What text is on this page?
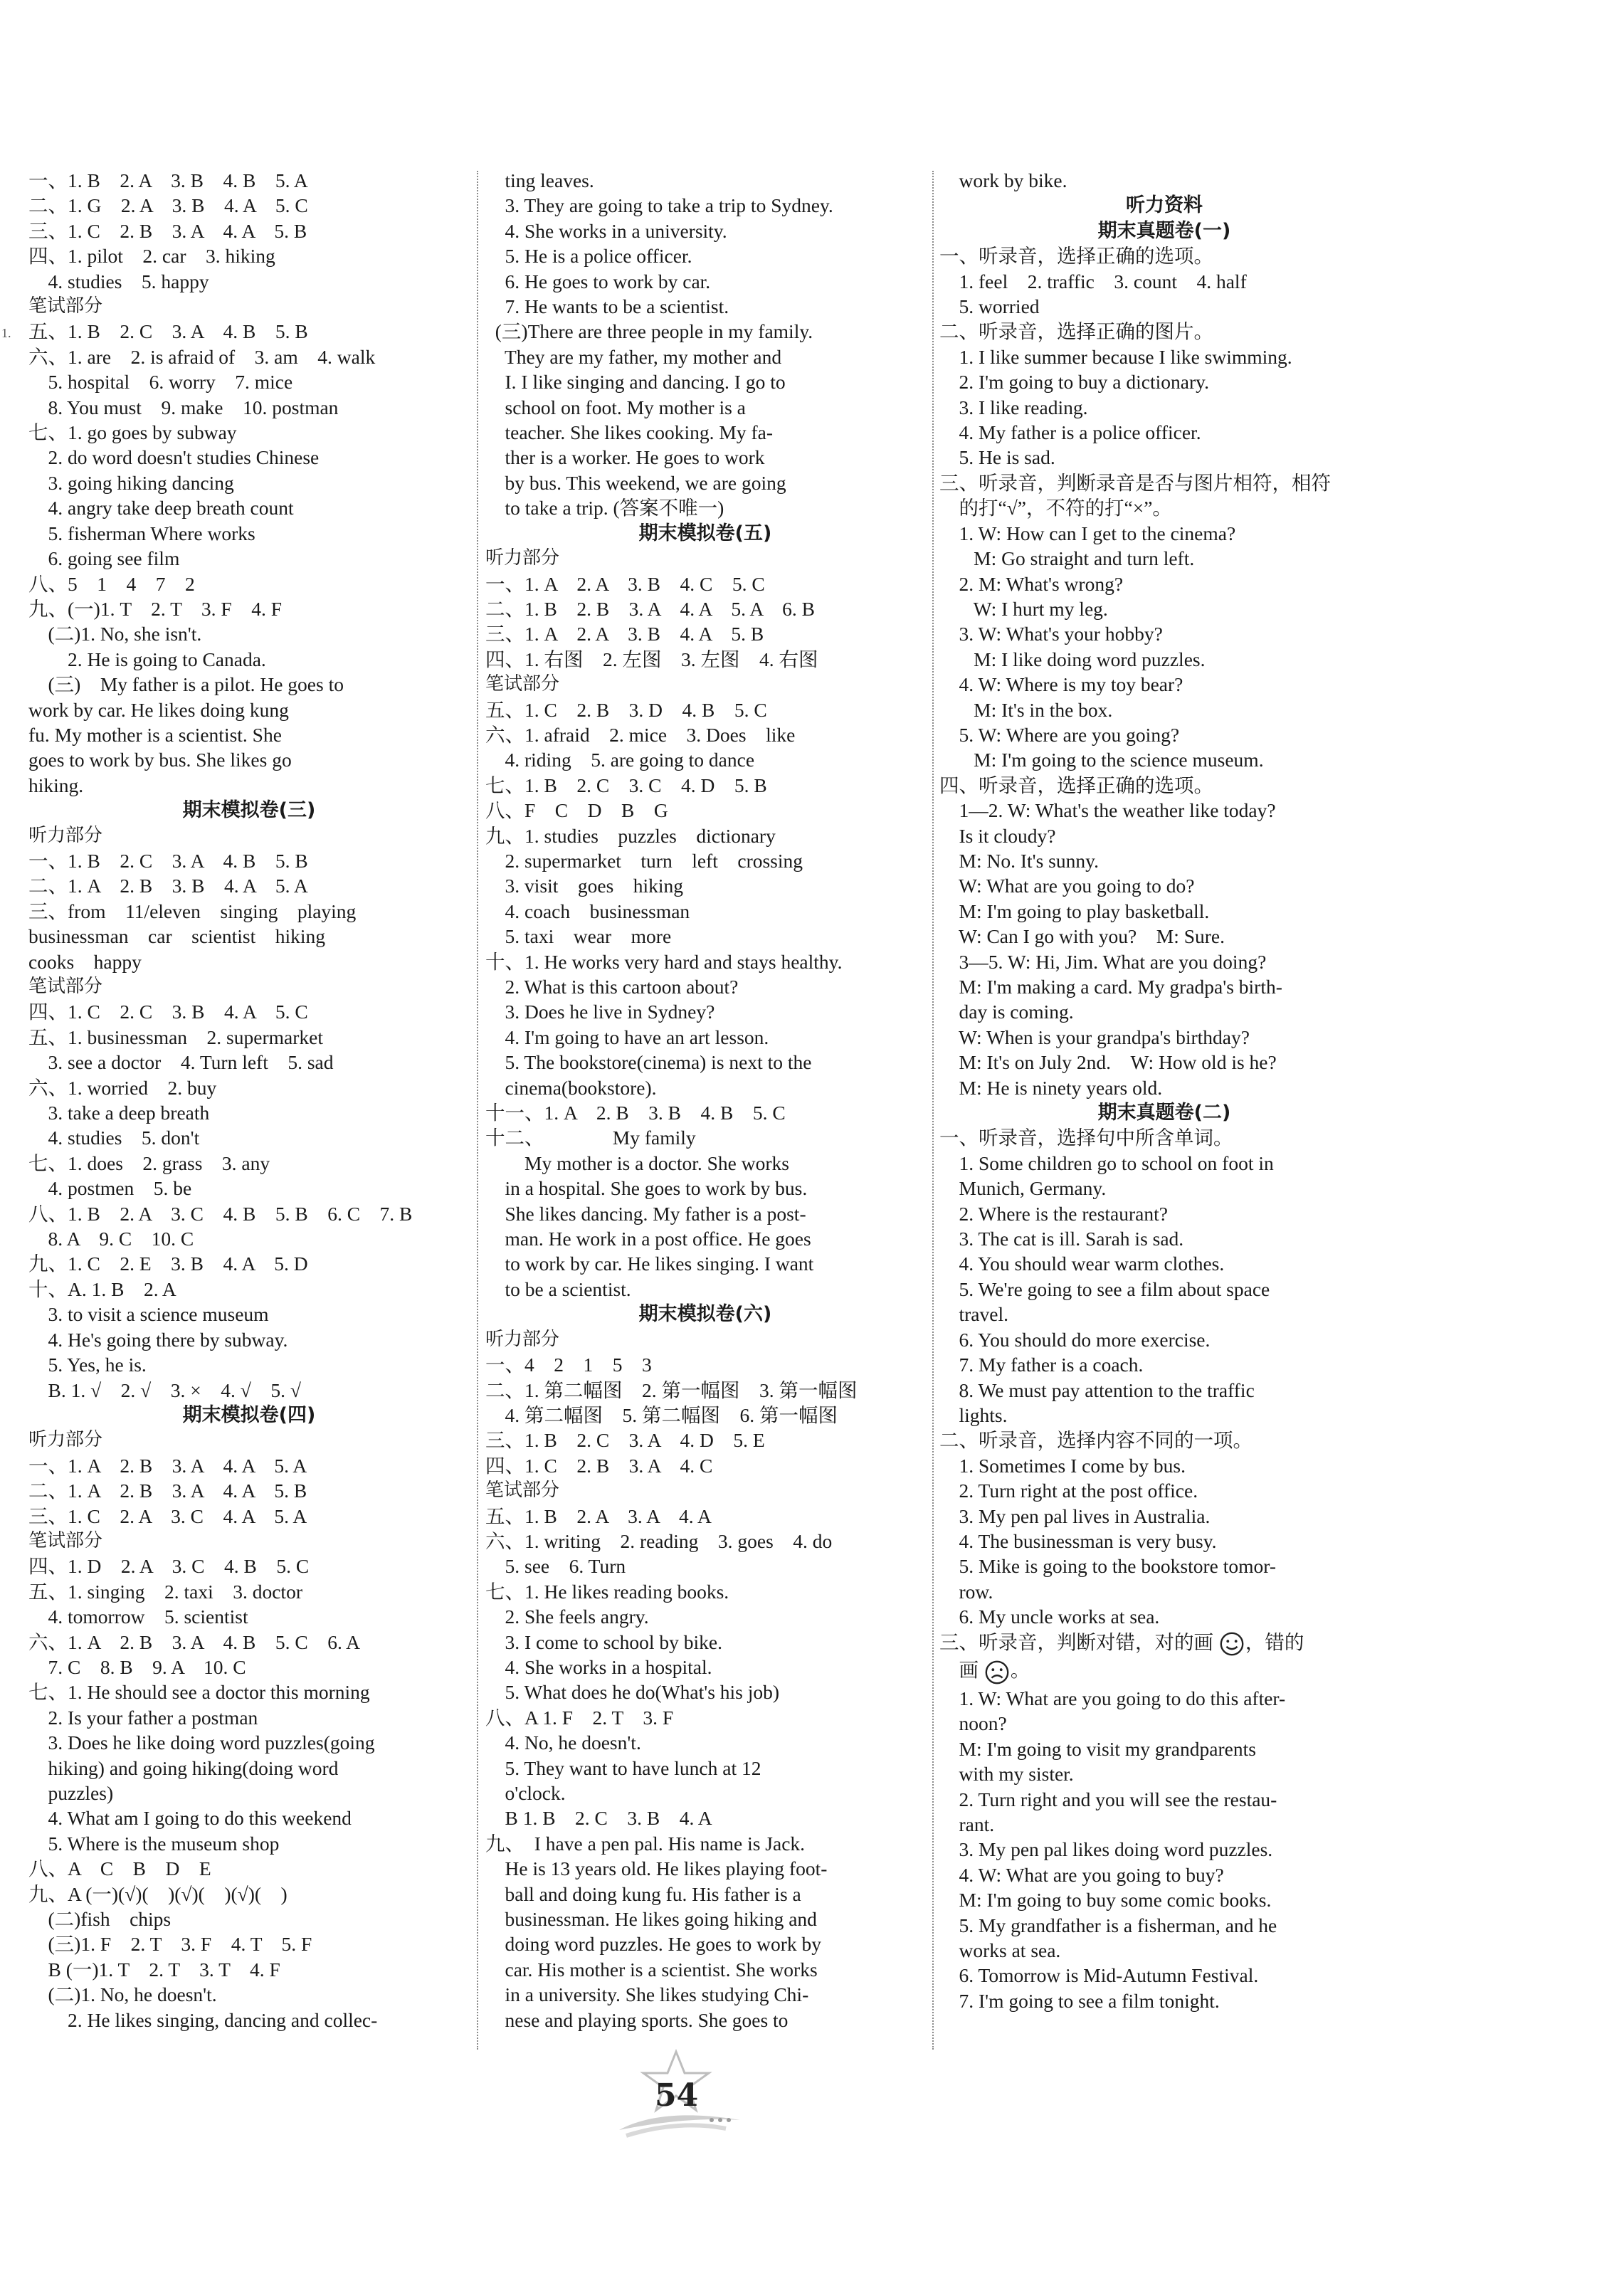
1.
一、1. B　2. A　3. B　4. B　5. A
二、1. G　2. A　3. B　4. A　5. C
三、1. C　2. B　3. A　4. A　5. B
四、1. pilot　2. car　3. hiking
4. studies　5. happy
笔试部分
五、1. B　2. C　3. A　4. B　5. B
六、1. are　2. is afraid of　3. am　4. walk
5. hospital　6. worry　7. mice
8. You must　9. make　10. postman
七、1. go goes by subway
2. do word doesn't studies Chinese
3. going hiking dancing
4. angry take deep breath count
5. fisherman Where works
6. going see film
八、5　1　4　7　2
九、(一)1. T　2. T　3. F　4. F
(二)1. No, she isn't.
2. He is going to Canada.
(三)　My father is a pilot. He goes to
work by car. He likes doing kung
fu. My mother is a scientist. She
goes to work by bus. She likes go
hiking.
期末模拟卷(三)
听力部分
一、1. B　2. C　3. A　4. B　5. B
二、1. A　2. B　3. B　4. A　5. A
三、from　11/eleven　singing　playing
businessman　car　scientist　hiking
cooks　happy
笔试部分
四、1. C　2. C　3. B　4. A　5. C
五、1. businessman　2. supermarket
3. see a doctor　4. Turn left　5. sad
六、1. worried　2. buy
3. take a deep breath
4. studies　5. don't
七、1. does　2. grass　3. any
4. postmen　5. be
八、1. B　2. A　3. C　4. B　5. B　6. C　7. B
8. A　9. C　10. C
九、1. C　2. E　3. B　4. A　5. D
十、A. 1. B　2. A
3. to visit a science museum
4. He's going there by subway.
5. Yes, he is.
B. 1. √　2. √　3. ×　4. √　5. √
期末模拟卷(四)
听力部分
一、1. A　2. B　3. A　4. A　5. A
二、1. A　2. B　3. A　4. A　5. B
三、1. C　2. A　3. C　4. A　5. A
笔试部分
四、1. D　2. A　3. C　4. B　5. C
五、1. singing　2. taxi　3. doctor
4. tomorrow　5. scientist
六、1. A　2. B　3. A　4. B　5. C　6. A
7. C　8. B　9. A　10. C
七、1. He should see a doctor this morning
2. Is your father a postman
3. Does he like doing word puzzles(going
hiking) and going hiking(doing word
puzzles)
4. What am I going to do this weekend
5. Where is the museum shop
八、A　C　B　D　E
九、A (一)(√)(　)(√)(　)(√)(　)
(二)fish　chips
(三)1. F　2. T　3. F　4. T　5. F
B (一)1. T　2. T　3. T　4. F
(二)1. No, he doesn't.
2. He likes singing, dancing and collec-
ting leaves.
3. They are going to take a trip to Sydney.
4. She works in a university.
5. He is a police officer.
6. He goes to work by car.
7. He wants to be a scientist.
(三)There are three people in my family.
They are my father, my mother and
I. I like singing and dancing. I go to
school on foot. My mother is a
teacher. She likes cooking. My fa-
ther is a worker. He goes to work
by bus. This weekend, we are going
to take a trip. (答案不唯一)
期末模拟卷(五)
听力部分
一、1. A　2. A　3. B　4. C　5. C
二、1. B　2. B　3. A　4. A　5. A　6. B
三、1. A　2. A　3. B　4. A　5. B
四、1. 右图　2. 左图　3. 左图　4. 右图
笔试部分
五、1. C　2. B　3. D　4. B　5. C
六、1. afraid　2. mice　3. Does　like
4. riding　5. are going to dance
七、1. B　2. C　3. C　4. D　5. B
八、F　C　D　B　G
九、1. studies　puzzles　dictionary
2. supermarket　turn　left　crossing
3. visit　goes　hiking
4. coach　businessman
5. taxi　wear　more
十、1. He works very hard and stays healthy.
2. What is this cartoon about?
3. Does he live in Sydney?
4. I'm going to have an art lesson.
5. The bookstore(cinema) is next to the
cinema(bookstore).
十一、1. A　2. B　3. B　4. B　5. C
十二、　　　　My family
My mother is a doctor. She works
in a hospital. She goes to work by bus.
She likes dancing. My father is a post-
man. He work in a post office. He goes
to work by car. He likes singing. I want
to be a scientist.
期末模拟卷(六)
听力部分
一、4　2　1　5　3
二、1. 第二幅图　2. 第一幅图　3. 第一幅图
4. 第二幅图　5. 第二幅图　6. 第一幅图
三、1. B　2. C　3. A　4. D　5. E
四、1. C　2. B　3. A　4. C
笔试部分
五、1. B　2. A　3. A　4. A
六、1. writing　2. reading　3. goes　4. do
5. see　6. Turn
七、1. He likes reading books.
2. She feels angry.
3. I come to school by bike.
4. She works in a hospital.
5. What does he do(What's his job)
八、A 1. F　2. T　3. F
4. No, he doesn't.
5. They want to have lunch at 12
o'clock.
B 1. B　2. C　3. B　4. A
九、　I have a pen pal. His name is Jack.
He is 13 years old. He likes playing foot-
ball and doing kung fu. His father is a
businessman. He likes going hiking and
doing word puzzles. He goes to work by
car. His mother is a scientist. She works
in a university. She likes studying Chi-
nese and playing sports. She goes to
work by bike.
听力资料
期末真题卷(一)
一、听录音，选择正确的选项。
1. feel　2. traffic　3. count　4. half
5. worried
二、听录音，选择正确的图片。
1. I like summer because I like swimming.
2. I'm going to buy a dictionary.
3. I like reading.
4. My father is a police officer.
5. He is sad.
三、听录音，判断录音是否与图片相符，相符
的打“√”，不符的打“×”。
1. W: How can I get to the cinema?
M: Go straight and turn left.
2. M: What's wrong?
W: I hurt my leg.
3. W: What's your hobby?
M: I like doing word puzzles.
4. W: Where is my toy bear?
M: It's in the box.
5. W: Where are you going?
M: I'm going to the science museum.
四、听录音，选择正确的选项。
1—2. W: What's the weather like today?
Is it cloudy?
M: No. It's sunny.
W: What are you going to do?
M: I'm going to play basketball.
W: Can I go with you?　M: Sure.
3—5. W: Hi, Jim. What are you doing?
M: I'm making a card. My gradpa's birth-
day is coming.
W: When is your grandpa's birthday?
M: It's on July 2nd.　W: How old is he?
M: He is ninety years old.
期末真题卷(二)
一、听录音，选择句中所含单词。
1. Some children go to school on foot in
Munich, Germany.
2. Where is the restaurant?
3. The cat is ill. Sarah is sad.
4. You should wear warm clothes.
5. We're going to see a film about space
travel.
6. You should do more exercise.
7. My father is a coach.
8. We must pay attention to the traffic
lights.
二、听录音，选择内容不同的一项。
1. Sometimes I come by bus.
2. Turn right at the post office.
3. My pen pal lives in Australia.
4. The businessman is very busy.
5. Mike is going to the bookstore tomor-
row.
6. My uncle works at sea.
三、听录音，判断对错，对的画 ，错的
画 。
1. W: What are you going to do this after-
noon?
M: I'm going to visit my grandparents
with my sister.
2. Turn right and you will see the restau-
rant.
3. My pen pal likes doing word puzzles.
4. W: What are you going to buy?
M: I'm going to buy some comic books.
5. My grandfather is a fisherman, and he
works at sea.
6. Tomorrow is Mid-Autumn Festival.
7. I'm going to see a film tonight.
54
